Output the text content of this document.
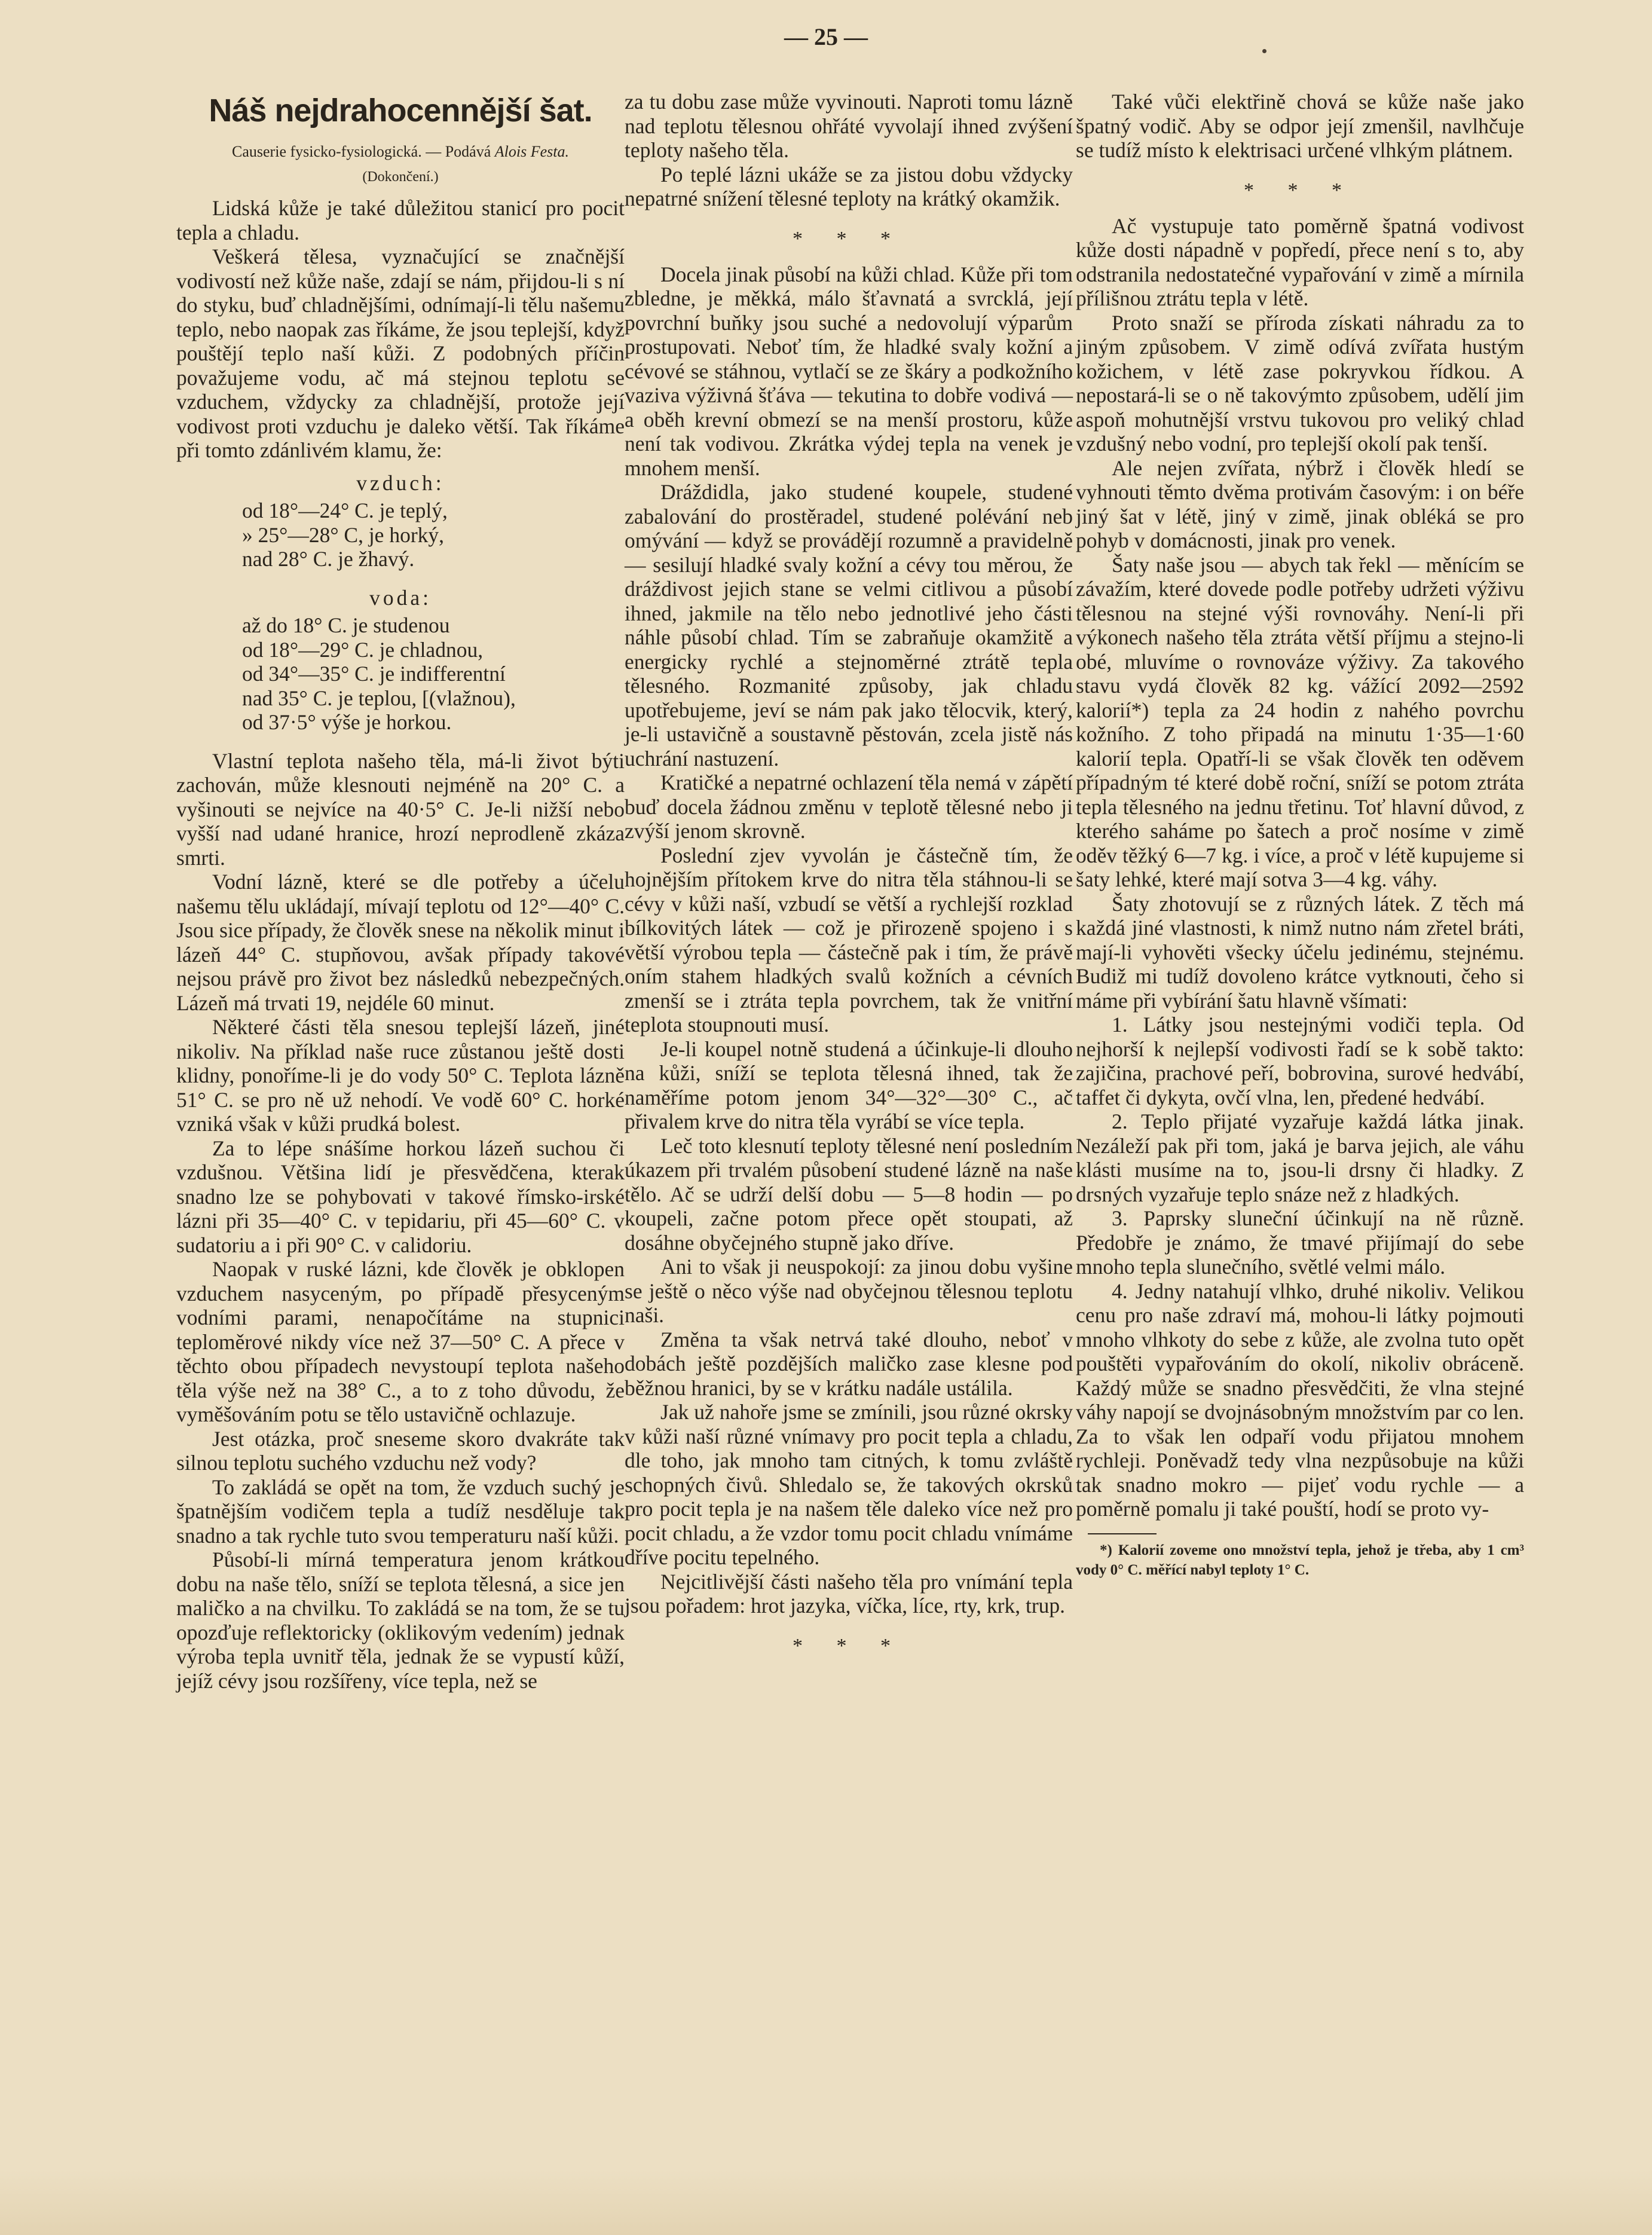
— 25 —
Náš nejdrahocennější šat.
Causerie fysicko-fysiologická. — Podává Alois Festa.
(Dokončení.)

Lidská kůže je také důležitou stanicí pro pocit tepla a chladu.

Veškerá tělesa, vyznačující se značnější vodivostí než kůže naše, zdají se nám, přijdou-li s ní do styku, buď chladnějšími, odnímají-li tělu našemu teplo, nebo naopak zas říkáme, že jsou teplejší, když pouštějí teplo naší kůži. Z podobných příčin považujeme vodu, ač má stejnou teplotu se vzduchem, vždycky za chladnější, protože její vodivost proti vzduchu je daleko větší. Tak říkáme při tomto zdánlivém klamu, že:

vzduch:
od 18°—24° C. je teplý,
» 25°—28° C, je horký,
nad 28° C. je žhavý.
voda:
až do 18° C. je studenou
od 18°—29° C. je chladnou,
od 34°—35° C. je indifferentní
nad 35° C. je teplou, [(vlažnou),
od 37·5° výše je horkou.

Vlastní teplota našeho těla, má-li život býti zachován, může klesnouti nejméně na 20° C. a vyšinouti se nejvíce na 40·5° C. Je-li nižší nebo vyšší nad udané hranice, hrozí neprodleně zkáza smrti.

Vodní lázně, které se dle potřeby a účelu našemu tělu ukládají, mívají teplotu od 12°—40° C. Jsou sice případy, že člověk snese na několik minut i lázeň 44° C. stupňovou, avšak případy takové nejsou právě pro život bez následků nebezpečných. Lázeň má trvati 19, nejdéle 60 minut.

Některé části těla snesou teplejší lázeň, jiné nikoliv. Na příklad naše ruce zůstanou ještě dosti klidny, ponoříme-li je do vody 50° C. Teplota lázně 51° C. se pro ně už nehodí. Ve vodě 60° C. horké vzniká však v kůži prudká bolest.

Za to lépe snášíme horkou lázeň suchou či vzdušnou. Většina lidí je přesvědčena, kterak snadno lze se pohybovati v takové římsko-irské lázni při 35—40° C. v tepidariu, při 45—60° C. v sudatoriu a i při 90° C. v calidoriu.

Naopak v ruské lázni, kde člověk je obklopen vzduchem nasyceným, po případě přesyceným vodními parami, nenapočítáme na stupnici teploměrové nikdy více než 37—50° C. A přece v těchto obou případech nevystoupí teplota našeho těla výše než na 38° C., a to z toho důvodu, že vyměšováním potu se tělo ustavičně ochlazuje.

Jest otázka, proč sneseme skoro dvakráte tak silnou teplotu suchého vzduchu než vody?

To zakládá se opět na tom, že vzduch suchý je špatnějším vodičem tepla a tudíž nesděluje tak snadno a tak rychle tuto svou temperaturu naší kůži.

Působí-li mírná temperatura jenom krátkou dobu na naše tělo, sníží se teplota tělesná, a sice jen maličko a na chvilku. To zakládá se na tom, že se tu opozďuje reflektoricky (oklikovým vedením) jednak výroba tepla uvnitř těla, jednak že se vypustí kůží, jejíž cévy jsou rozšířeny, více tepla, než se

za tu dobu zase může vyvinouti. Naproti tomu lázně nad teplotu tělesnou ohřáté vyvolají ihned zvýšení teploty našeho těla.

Po teplé lázni ukáže se za jistou dobu vždycky nepatrné snížení tělesné teploty na krátký okamžik.

* * *

Docela jinak působí na kůži chlad. Kůže při tom zbledne, je měkká, málo šťavnatá a svrcklá, její povrchní buňky jsou suché a nedovolují výparům prostupovati. Neboť tím, že hladké svaly kožní a cévové se stáhnou, vytlačí se ze škáry a podkožního vaziva výživná šťáva — tekutina to dobře vodivá — a oběh krevní obmezí se na menší prostoru, kůže není tak vodivou. Zkrátka výdej tepla na venek je mnohem menší.

Dráždidla, jako studené koupele, studené zabalování do prostěradel, studené polévání neb omývání — když se provádějí rozumně a pravidelně — sesilují hladké svaly kožní a cévy tou měrou, že dráždivost jejich stane se velmi citlivou a působí ihned, jakmile na tělo nebo jednotlivé jeho části náhle působí chlad. Tím se zabraňuje okamžitě a energicky rychlé a stejnoměrné ztrátě tepla tělesného. Rozmanité způsoby, jak chladu upotřebujeme, jeví se nám pak jako tělocvik, který, je-li ustavičně a soustavně pěstován, zcela jistě nás uchrání nastuzení.

Kratičké a nepatrné ochlazení těla nemá v zápětí buď docela žádnou změnu v teplotě tělesné nebo ji zvýší jenom skrovně.

Poslední zjev vyvolán je částečně tím, že hojnějším přítokem krve do nitra těla stáhnou-li se cévy v kůži naší, vzbudí se větší a rychlejší rozklad bílkovitých látek — což je přirozeně spojeno i s větší výrobou tepla — částečně pak i tím, že právě oním stahem hladkých svalů kožních a cévních zmenší se i ztráta tepla povrchem, tak že vnitřní teplota stoupnouti musí.

Je-li koupel notně studená a účinkuje-li dlouho na kůži, sníží se teplota tělesná ihned, tak že naměříme potom jenom 34°—32°—30° C., ač přivalem krve do nitra těla vyrábí se více tepla.

Leč toto klesnutí teploty tělesné není posledním úkazem při trvalém působení studené lázně na naše tělo. Ač se udrží delší dobu — 5—8 hodin — po koupeli, začne potom přece opět stoupati, až dosáhne obyčejného stupně jako dříve.

Ani to však ji neuspokojí: za jinou dobu vyšine se ještě o něco výše nad obyčejnou tělesnou teplotu naši.

Změna ta však netrvá také dlouho, neboť v dobách ještě pozdějších maličko zase klesne pod běžnou hranici, by se v krátku nadále ustálila.

Jak už nahoře jsme se zmínili, jsou různé okrsky v kůži naší různé vnímavy pro pocit tepla a chladu, dle toho, jak mnoho tam citných, k tomu zvláště schopných čivů. Shledalo se, že takových okrsků pro pocit tepla je na našem těle daleko více než pro pocit chladu, a že vzdor tomu pocit chladu vnímáme dříve pocitu tepelného.

Nejcitlivější části našeho těla pro vnímání tepla jsou pořadem: hrot jazyka, víčka, líce, rty, krk, trup.

* * *

Také vůči elektřině chová se kůže naše jako špatný vodič. Aby se odpor její zmenšil, navlhčuje se tudíž místo k elektrisaci určené vlhkým plátnem.

* * *

Ač vystupuje tato poměrně špatná vodivost kůže dosti nápadně v popředí, přece není s to, aby odstranila nedostatečné vypařování v zimě a mírnila přílišnou ztrátu tepla v létě.

Proto snaží se příroda získati náhradu za to jiným způsobem. V zimě odívá zvířata hustým kožichem, v létě zase pokryvkou řídkou. A nepostará-li se o ně takovýmto způsobem, udělí jim aspoň mohutnější vrstvu tukovou pro veliký chlad vzdušný nebo vodní, pro teplejší okolí pak tenší.

Ale nejen zvířata, nýbrž i člověk hledí se vyhnouti těmto dvěma protivám časovým: i on béře jiný šat v létě, jiný v zimě, jinak obléká se pro pohyb v domácnosti, jinak pro venek.

Šaty naše jsou — abych tak řekl — měnícím se závažím, které dovede podle potřeby udržeti výživu tělesnou na stejné výši rovnováhy. Není-li při výkonech našeho těla ztráta větší příjmu a stejno-li obé, mluvíme o rovnováze výživy. Za takového stavu vydá člověk 82 kg. vážící 2092—2592 kalorií*) tepla za 24 hodin z nahého povrchu kožního. Z toho připadá na minutu 1·35—1·60 kalorií tepla. Opatří-li se však člověk ten oděvem případným té které době roční, sníží se potom ztráta tepla tělesného na jednu třetinu. Toť hlavní důvod, z kterého saháme po šatech a proč nosíme v zimě oděv těžký 6—7 kg. i více, a proč v létě kupujeme si šaty lehké, které mají sotva 3—4 kg. váhy.

Šaty zhotovují se z různých látek. Z těch má každá jiné vlastnosti, k nimž nutno nám zřetel bráti, mají-li vyhověti všecky účelu jedinému, stejnému. Budiž mi tudíž dovoleno krátce vytknouti, čeho si máme při vybírání šatu hlavně všímati:

1. Látky jsou nestejnými vodiči tepla. Od nejhorší k nejlepší vodivosti řadí se k sobě takto: zajičina, prachové peří, bobrovina, surové hedvábí, taffet či dykyta, ovčí vlna, len, předené hedvábí.

2. Teplo přijaté vyzařuje každá látka jinak. Nezáleží pak při tom, jaká je barva jejich, ale váhu klásti musíme na to, jsou-li drsny či hladky. Z drsných vyzařuje teplo snáze než z hladkých.

3. Paprsky sluneční účinkují na ně různě. Předobře je známo, že tmavé přijímají do sebe mnoho tepla slunečního, světlé velmi málo.

4. Jedny natahují vlhko, druhé nikoliv. Velikou cenu pro naše zdraví má, mohou-li látky pojmouti mnoho vlhkoty do sebe z kůže, ale zvolna tuto opět pouštěti vypařováním do okolí, nikoliv obráceně. Každý může se snadno přesvědčiti, že vlna stejné váhy napojí se dvojnásobným množstvím par co len. Za to však len odpaří vodu přijatou mnohem rychleji. Poněvadž tedy vlna nezpůsobuje na kůži tak snadno mokro — pijeť vodu rychle — a poměrně pomalu ji také pouští, hodí se proto vy-

*) Kalorií zoveme ono množství tepla, jehož je třeba, aby 1 cm³ vody 0° C. měřící nabyl teploty 1° C.
